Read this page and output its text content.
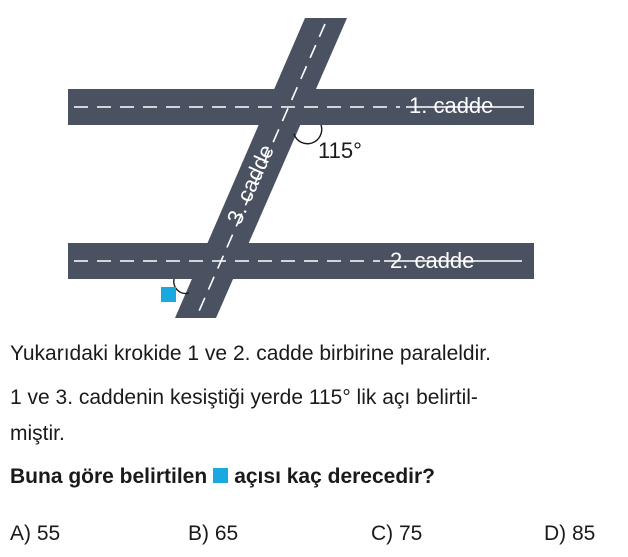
1. cadde
2. cadde
3. cadde 115°
Yukarıdaki krokide 1 ve 2. cadde birbirine paraleldir.
1 ve 3. caddenin kesiştiği yerde 115° lik açı belirtil-
miştir.
Buna göre belirtilen açısı kaç derecedir?
A) 55	B) 65	C) 75	D) 85
